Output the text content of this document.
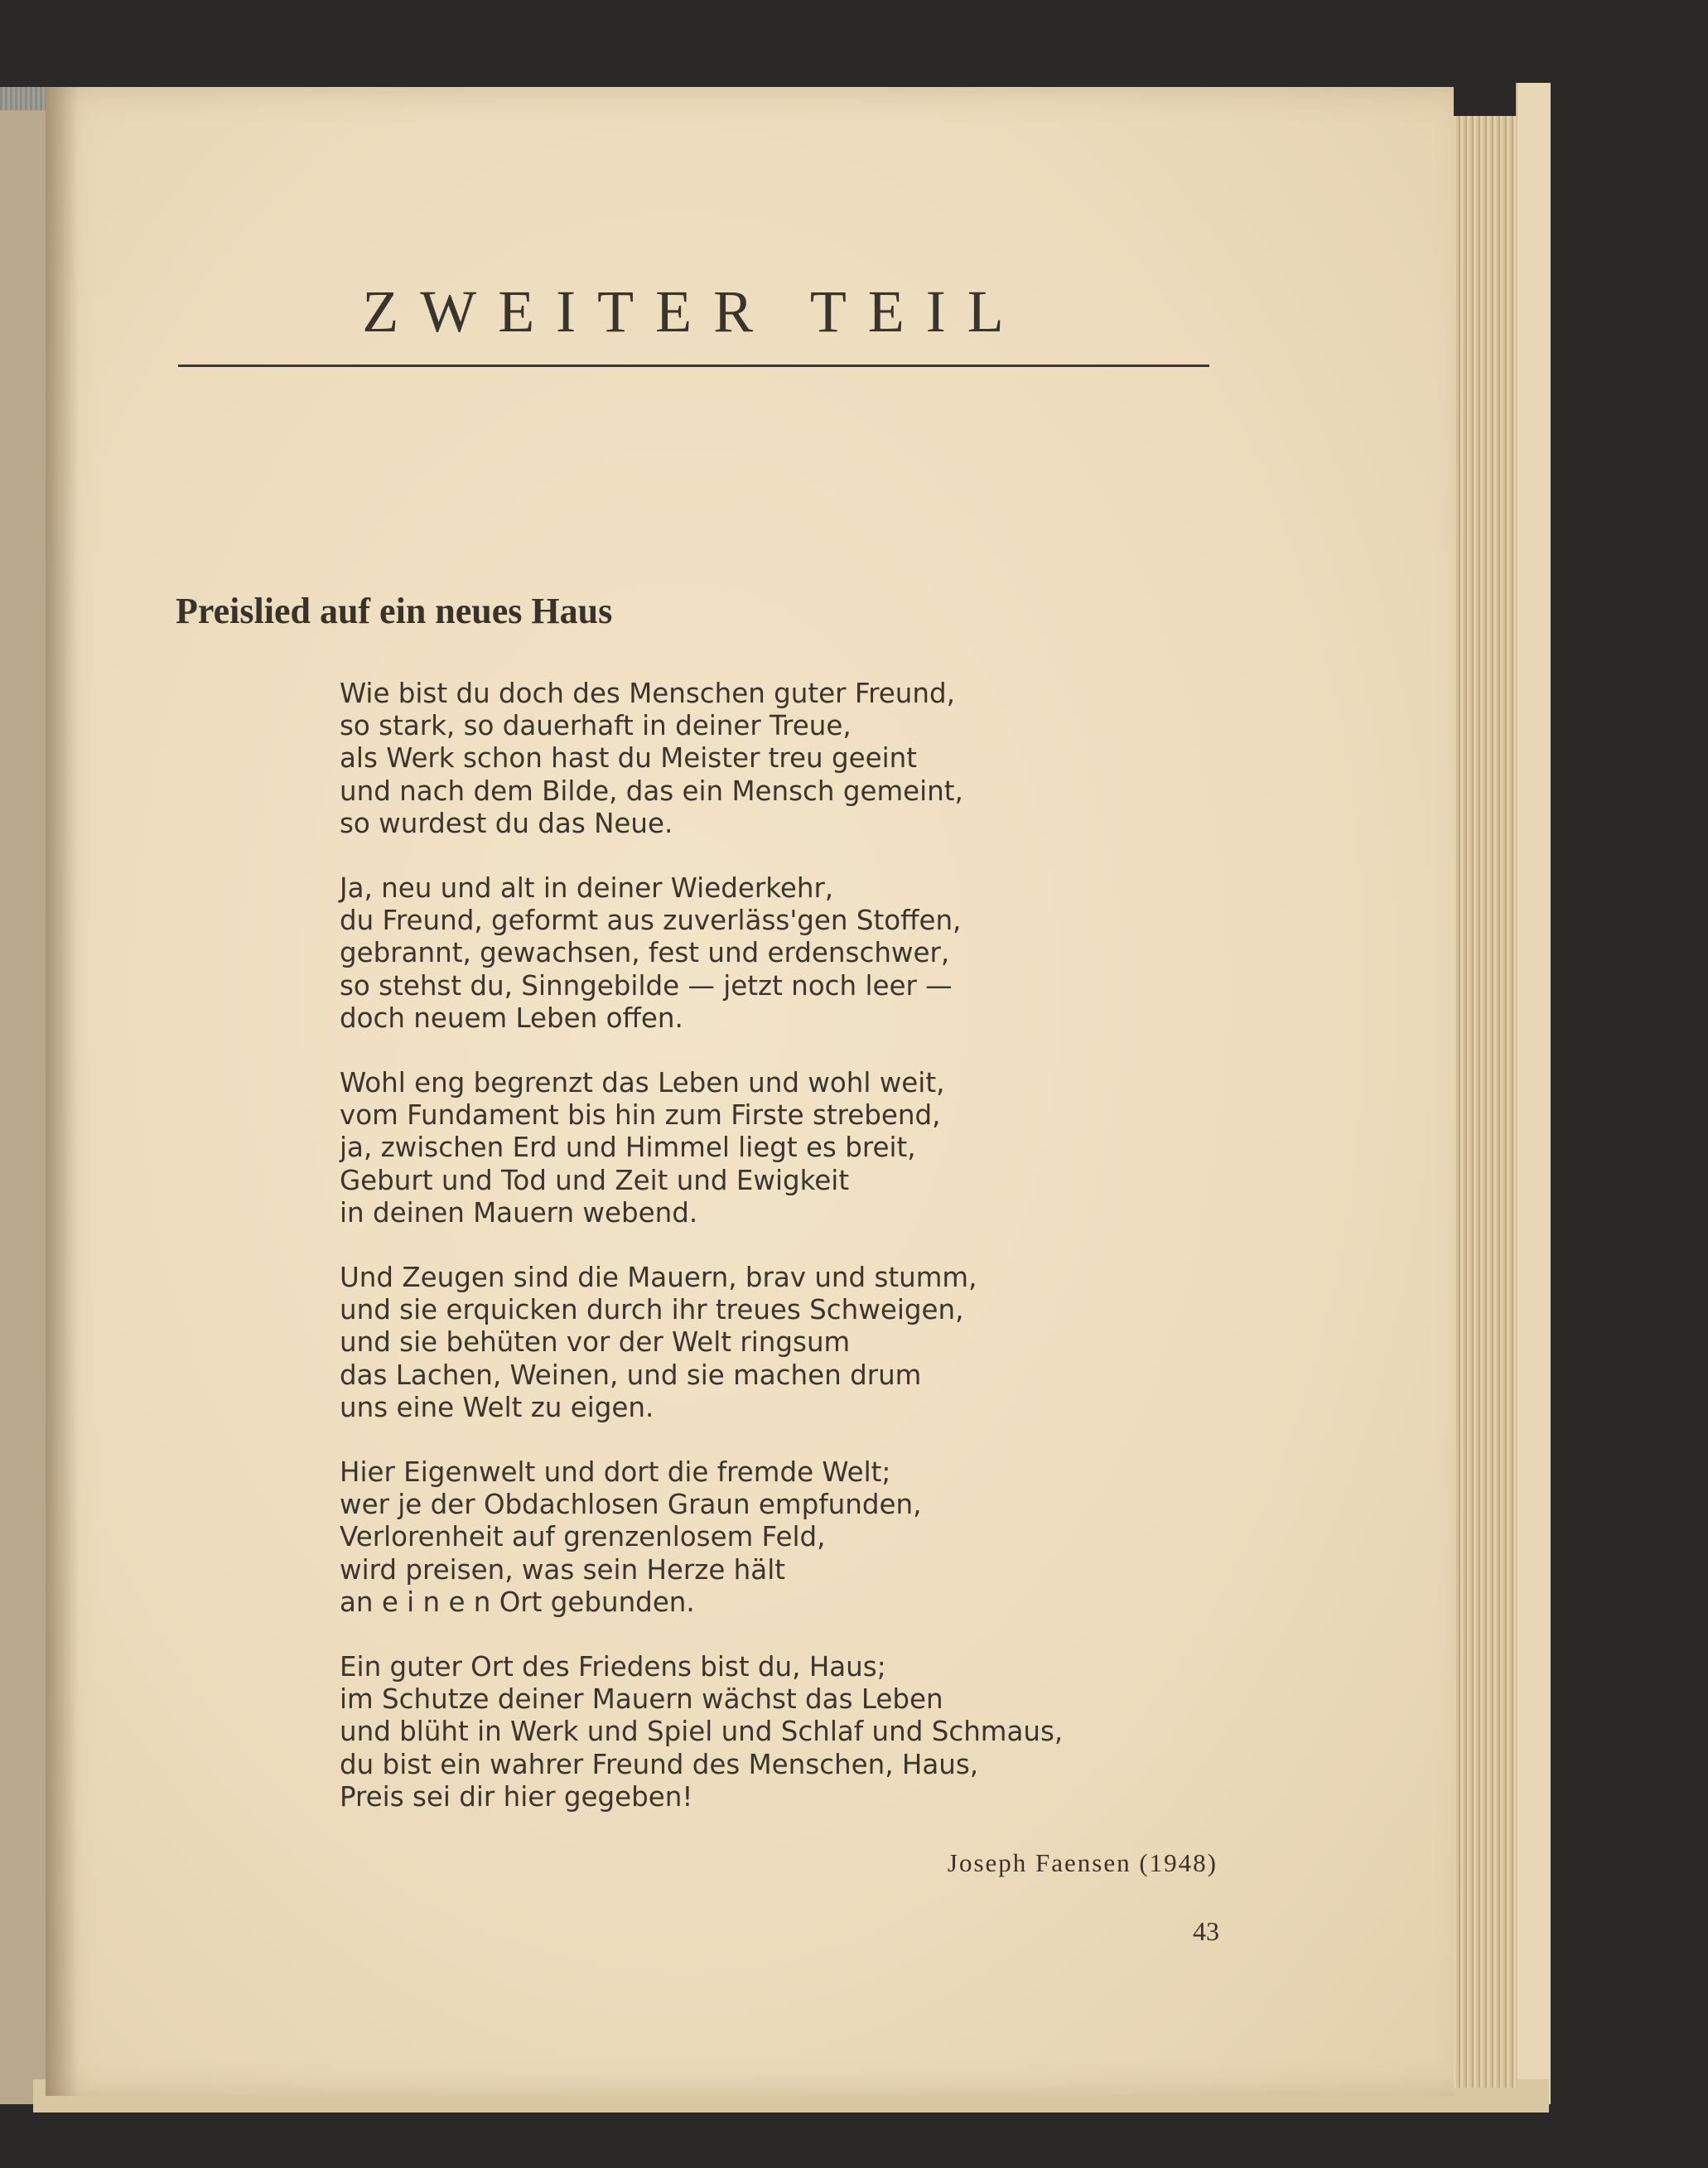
ZWEITER TEIL
Preislied auf ein neues Haus

Wie bist du doch des Menschen guter Freund,
so stark, so dauerhaft in deiner Treue,
als Werk schon hast du Meister treu geeint
und nach dem Bilde, das ein Mensch gemeint,
so wurdest du das Neue.

Ja, neu und alt in deiner Wiederkehr,
du Freund, geformt aus zuverläss'gen Stoffen,
gebrannt, gewachsen, fest und erdenschwer,
so stehst du, Sinngebilde — jetzt noch leer —
doch neuem Leben offen.

Wohl eng begrenzt das Leben und wohl weit,
vom Fundament bis hin zum Firste strebend,
ja, zwischen Erd und Himmel liegt es breit,
Geburt und Tod und Zeit und Ewigkeit
in deinen Mauern webend.

Und Zeugen sind die Mauern, brav und stumm,
und sie erquicken durch ihr treues Schweigen,
und sie behüten vor der Welt ringsum
das Lachen, Weinen, und sie machen drum
uns eine Welt zu eigen.

Hier Eigenwelt und dort die fremde Welt;
wer je der Obdachlosen Graun empfunden,
Verlorenheit auf grenzenlosem Feld,
wird preisen, was sein Herze hält
an e i n e n Ort gebunden.

Ein guter Ort des Friedens bist du, Haus;
im Schutze deiner Mauern wächst das Leben
und blüht in Werk und Spiel und Schlaf und Schmaus,
du bist ein wahrer Freund des Menschen, Haus,
Preis sei dir hier gegeben!

Joseph Faensen (1948)
43
